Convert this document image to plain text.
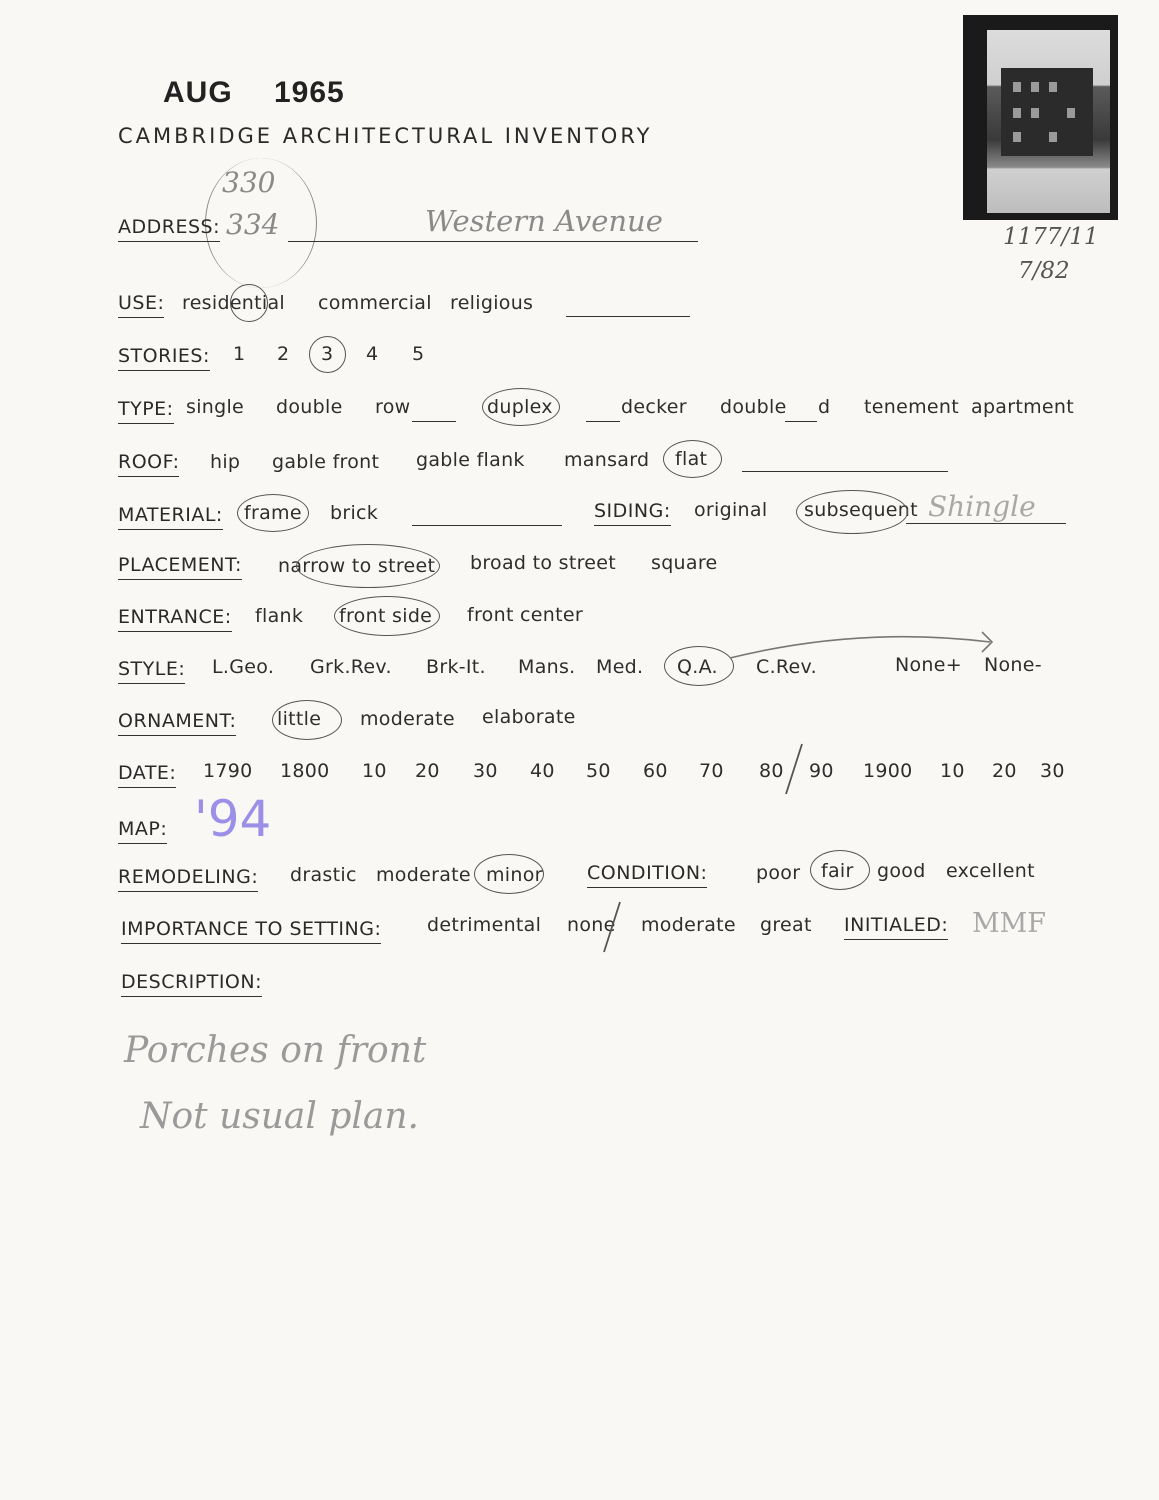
AUG 1965
CAMBRIDGE ARCHITECTURAL INVENTORY
1177/11
7/82
330
ADDRESS: 334	Western Avenue
USE: residential commercial religious
STORIES: 1 2 3 4 5
TYPE: single double row	duplex	decker double d tenement apartment
ROOF: hip gable front gable flank mansard flat
MATERIAL: frame brick	SIDING: original subsequent Shingle
PLACEMENT: narrow to street broad to street square
ENTRANCE: flank front side front center
STYLE: L.Geo. Grk.Rev. Brk-It. Mans. Med. Q.A. C.Rev.	None+ None-
ORNAMENT: little moderate elaborate
DATE: 1790 1800 10 20 30 40 50 60 70 80 90 1900 10 20 30
MAP: '94
REMODELING: drastic moderate minor CONDITION:	poor fair good excellent
IMPORTANCE TO SETTING: detrimental none moderate great INITIALED: MMF
DESCRIPTION:
Porches on front
Not usual plan.
